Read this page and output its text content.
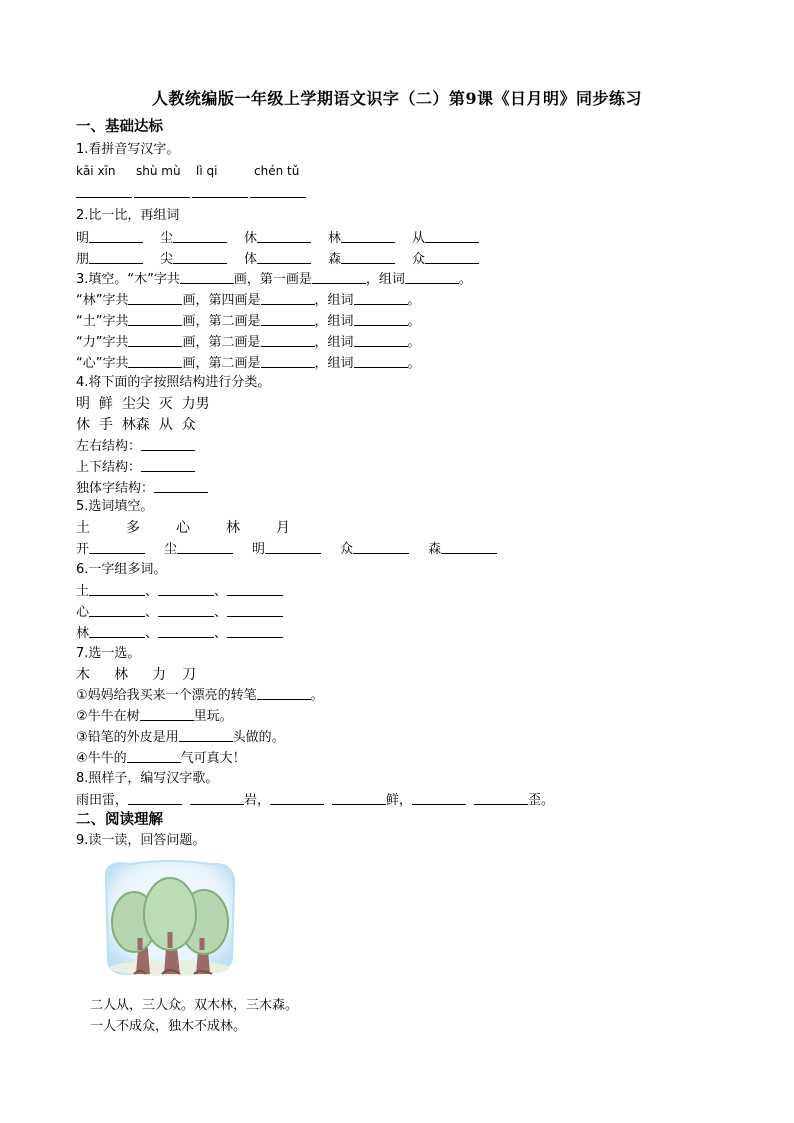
人教统编版一年级上学期语文识字（二）第9课《日月明》同步练习
一、基础达标
1.看拼音写汉字。
kāi xīn shù mù lì qi	chén tǔ
2.比一比，再组词
明	尘	休	林	从
朋	尖	体	森	众
3.填空。“木”字共	画，第一画是	，组词	。
“林”字共	画，第四画是	，组词	。
“土”字共	画，第二画是	，组词	。
“力”字共	画，第二画是	，组词	。
“心”字共	画，第二画是	，组词	。
4.将下面的字按照结构进行分类。
明  鲜  尘尖  灭  力男
休  手  林森  从  众
左右结构：
上下结构：
独体字结构：
5.选词填空。
土	多	心	林	月
开	尘	明	众	森
6.一字组多词。
土	、	、
心	、	、
林	、	、
7.选一选。
木 林 力 刀
①妈妈给我买来一个漂亮的转笔	。
②牛牛在树	里玩。
③铅笔的外皮是用	头做的。
④牛牛的	气可真大！
8.照样子，编写汉字歌。
雨田雷，	岩，	鲜，	歪。
二、阅读理解
9.读一读，回答问题。
二人从，三人众。双木林，三木森。
一人不成众，独木不成林。
